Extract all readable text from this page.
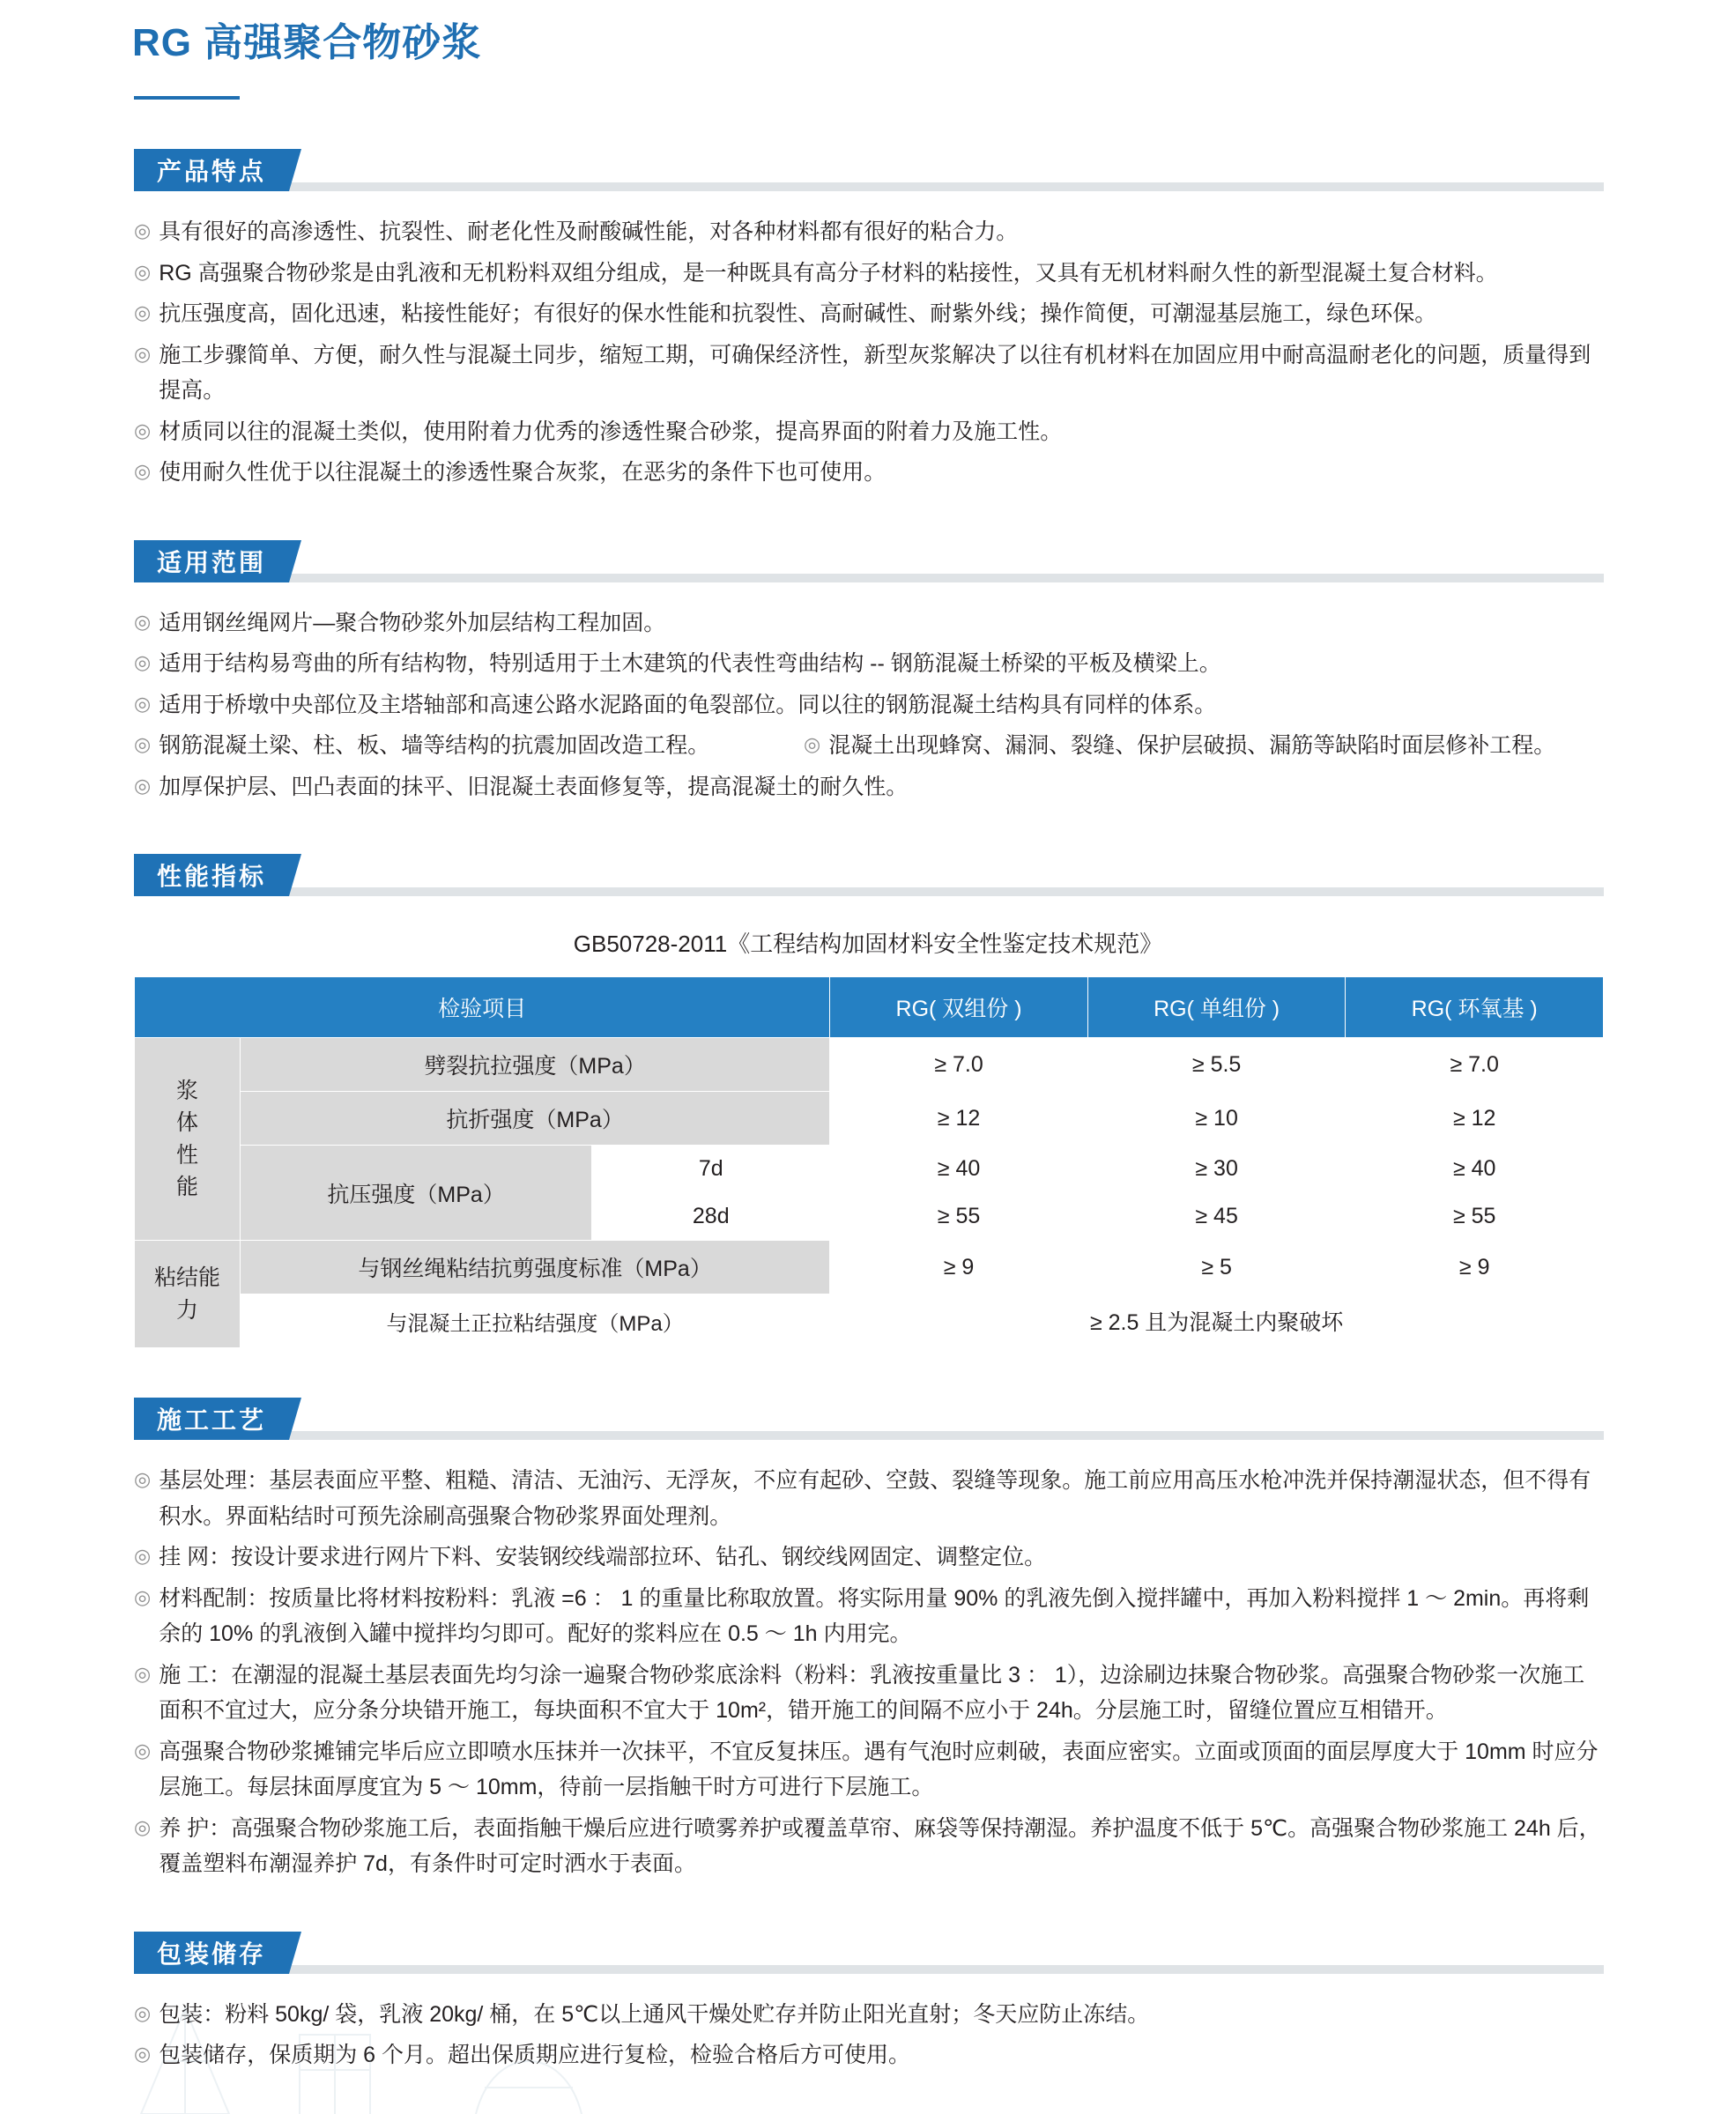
RG 高强聚合物砂浆
产品特点
◎ 具有很好的高渗透性、抗裂性、耐老化性及耐酸碱性能，对各种材料都有很好的粘合力。
◎ RG 高强聚合物砂浆是由乳液和无机粉料双组分组成，是一种既具有高分子材料的粘接性，又具有无机材料耐久性的新型混凝土复合材料。
◎ 抗压强度高，固化迅速，粘接性能好；有很好的保水性能和抗裂性、高耐碱性、耐紫外线；操作简便，可潮湿基层施工，绿色环保。
◎ 施工步骤简单、方便，耐久性与混凝土同步，缩短工期，可确保经济性，新型灰浆解决了以往有机材料在加固应用中耐高温耐老化的问题，质量得到提高。
◎ 材质同以往的混凝土类似，使用附着力优秀的渗透性聚合砂浆，提高界面的附着力及施工性。
◎ 使用耐久性优于以往混凝土的渗透性聚合灰浆，在恶劣的条件下也可使用。
适用范围
◎ 适用钢丝绳网片—聚合物砂浆外加层结构工程加固。
◎ 适用于结构易弯曲的所有结构物，特别适用于土木建筑的代表性弯曲结构 -- 钢筋混凝土桥梁的平板及横梁上。
◎ 适用于桥墩中央部位及主塔轴部和高速公路水泥路面的龟裂部位。同以往的钢筋混凝土结构具有同样的体系。
◎ 钢筋混凝土梁、柱、板、墙等结构的抗震加固改造工程。	◎ 混凝土出现蜂窝、漏洞、裂缝、保护层破损、漏筋等缺陷时面层修补工程。
◎ 加厚保护层、凹凸表面的抹平、旧混凝土表面修复等，提高混凝土的耐久性。
性能指标
GB50728-2011《工程结构加固材料安全性鉴定技术规范》
检验项目			RG( 双组份 )	RG( 单组份 )	RG( 环氧基 )

浆
体
性
能	劈裂抗拉强度（MPa）		≥ 7.0	≥ 5.5	≥ 7.0
	抗折强度（MPa）		≥ 12	≥ 10	≥ 12
	抗压强度（MPa）	7d	≥ 40	≥ 30	≥ 40
		28d	≥ 55	≥ 45	≥ 55

粘结能
力	与钢丝绳粘结抗剪强度标准（MPa）		≥ 9	≥ 5	≥ 9
	与混凝土正拉粘结强度（MPa）		≥ 2.5 且为混凝土内聚破坏		
施工工艺
◎ 基层处理：基层表面应平整、粗糙、清洁、无油污、无浮灰，不应有起砂、空鼓、裂缝等现象。施工前应用高压水枪冲洗并保持潮湿状态，但不得有积水。界面粘结时可预先涂刷高强聚合物砂浆界面处理剂。
◎ 挂 网：按设计要求进行网片下料、安装钢绞线端部拉环、钻孔、钢绞线网固定、调整定位。
◎ 材料配制：按质量比将材料按粉料：乳液 =6 ： 1 的重量比称取放置。将实际用量 90% 的乳液先倒入搅拌罐中，再加入粉料搅拌 1 ～ 2min。再将剩余的 10% 的乳液倒入罐中搅拌均匀即可。配好的浆料应在 0.5 ～ 1h 内用完。
◎ 施 工：在潮湿的混凝土基层表面先均匀涂一遍聚合物砂浆底涂料（粉料：乳液按重量比 3 ： 1），边涂刷边抹聚合物砂浆。高强聚合物砂浆一次施工面积不宜过大，应分条分块错开施工，每块面积不宜大于 10m²，错开施工的间隔不应小于 24h。分层施工时，留缝位置应互相错开。
◎ 高强聚合物砂浆摊铺完毕后应立即喷水压抹并一次抹平，不宜反复抹压。遇有气泡时应刺破，表面应密实。立面或顶面的面层厚度大于 10mm 时应分层施工。每层抹面厚度宜为 5 ～ 10mm，待前一层指触干时方可进行下层施工。
◎ 养 护：高强聚合物砂浆施工后，表面指触干燥后应进行喷雾养护或覆盖草帘、麻袋等保持潮湿。养护温度不低于 5℃。高强聚合物砂浆施工 24h 后，覆盖塑料布潮湿养护 7d，有条件时可定时洒水于表面。
包装储存
◎ 包装：粉料 50kg/ 袋，乳液 20kg/ 桶，在 5℃以上通风干燥处贮存并防止阳光直射；冬天应防止冻结。
◎ 包装储存，保质期为 6 个月。超出保质期应进行复检，检验合格后方可使用。
